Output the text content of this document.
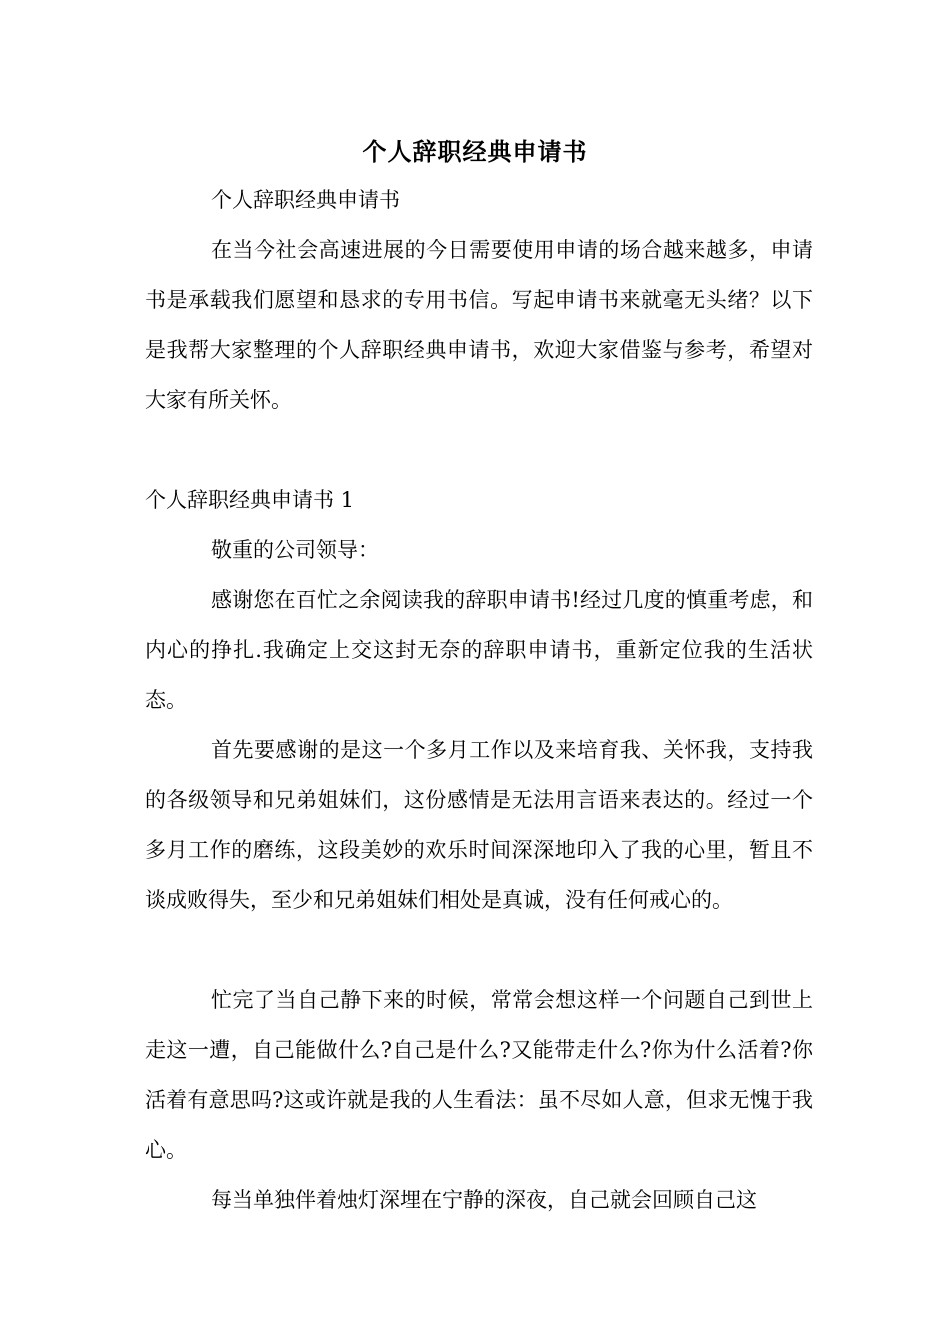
个人辞职经典申请书

个人辞职经典申请书

在当今社会高速进展的今日需要使用申请的场合越来越多，申请书是承载我们愿望和恳求的专用书信。写起申请书来就毫无头绪？以下是我帮大家整理的个人辞职经典申请书，欢迎大家借鉴与参考，希望对大家有所关怀。

个人辞职经典申请书 1

敬重的公司领导：

感谢您在百忙之余阅读我的辞职申请书!经过几度的慎重考虑，和内心的挣扎.我确定上交这封无奈的辞职申请书，重新定位我的生活状态。

首先要感谢的是这一个多月工作以及来培育我、关怀我，支持我的各级领导和兄弟姐妹们，这份感情是无法用言语来表达的。经过一个多月工作的磨练，这段美妙的欢乐时间深深地印入了我的心里，暂且不谈成败得失，至少和兄弟姐妹们相处是真诚，没有任何戒心的。

忙完了当自己静下来的时候，常常会想这样一个问题自己到世上走这一遭，自己能做什么?自己是什么?又能带走什么?你为什么活着?你活着有意思吗?这或许就是我的人生看法：虽不尽如人意，但求无愧于我心。

每当单独伴着烛灯深埋在宁静的深夜，自己就会回顾自己这
